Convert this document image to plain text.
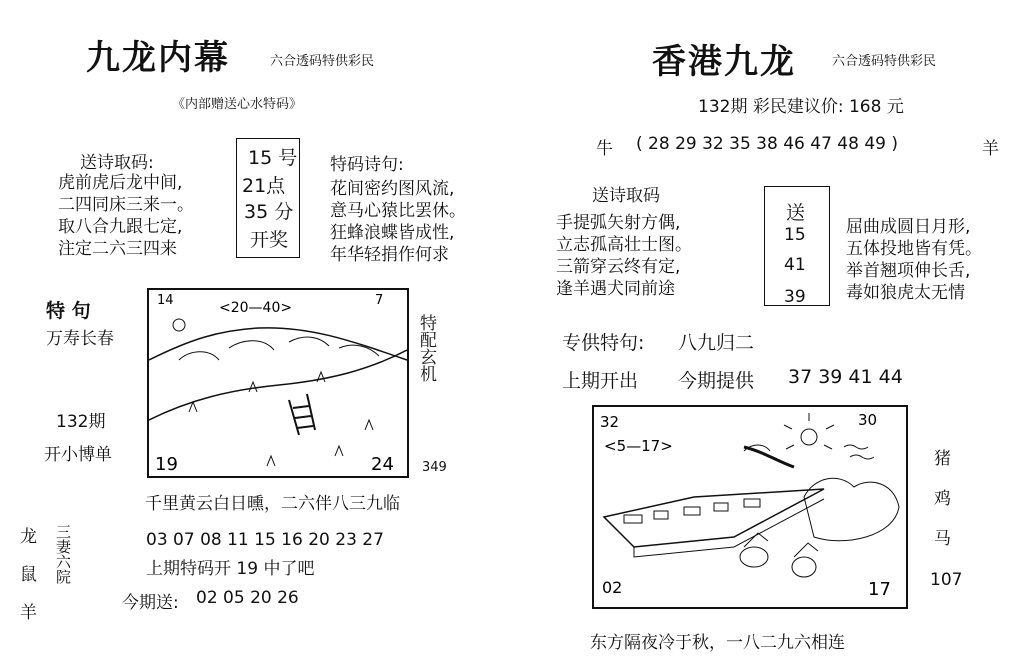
九龙内幕	六合透码特供彩民
《内部赠送心水特码》
送诗取码:
虎前虎后龙中间,
二四同床三来一。
取八合九跟七定,
注定二六三四来
15 号
21点
35 分
开奖
特码诗句:
花间密约图风流,
意马心猿比罢休。
狂蜂浪蝶皆成性,
年华轻捐作何求
特 句
万寿长春
132期
开小博单
14	<20—40>	7
19	24
特配玄机
349
千里黄云白日曛，二六伴八三九临
龙
鼠
羊
三妻六院	03 07 08 11 15 16 20 23 27
上期特码开 19 中了吧
今期送: 02 05 20 26
香港九龙	六合透码特供彩民
132期 彩民建议价: 168 元
牛 ( 28 29 32 35 38 46 47 48 49 )	羊
送诗取码
手提弧矢射方偶,
立志孤高壮士图。
三箭穿云终有定,
逢羊遇犬同前途
送
15
41
39
屈曲成圆日月形,
五体投地皆有凭。
举首翘项伸长舌,
毒如狼虎太无情
专供特句: 八九归二
上期开出 今期提供 37 39 41 44
32
<5—17>
30
02	17
猪
鸡
马
107
东方隔夜冷于秋，一八二九六相连
